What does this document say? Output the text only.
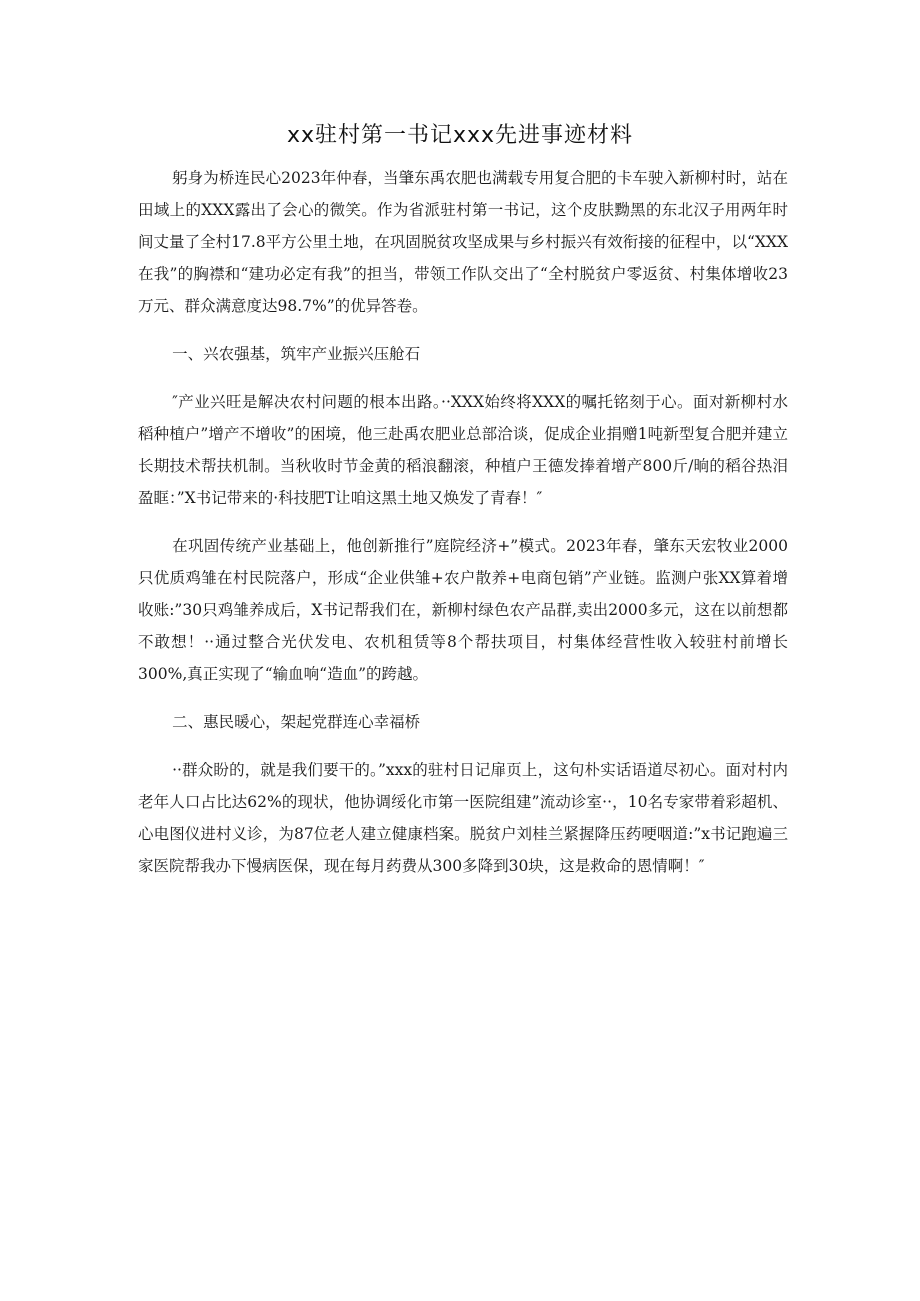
xx驻村第一书记xxx先进事迹材料

躬身为桥连民心2023年仲春，当肇东禹农肥也满载专用复合肥的卡车驶入新柳村时，站在田域上的XXX露出了会心的微笑。作为省派驻村第一书记，这个皮肤黝黑的东北汉子用两年时间丈量了全村17.8平方公里土地，在巩固脱贫攻坚成果与乡村振兴有效衔接的征程中，以“XXX在我”的胸襟和“建功必定有我”的担当，带领工作队交出了“全村脱贫户零返贫、村集体增收23万元、群众满意度达98.7%”的优异答卷。

一、兴农强基，筑牢产业振兴压舱石

″产业兴旺是解决农村问题的根本出路。··XXX始终将XXX的嘱托铭刻于心。面对新柳村水稻种植户”增产不增收”的困境，他三赴禹农肥业总部洽谈，促成企业捐赠1吨新型复合肥并建立长期技术帮扶机制。当秋收时节金黄的稻浪翻滚，种植户王德发捧着增产800斤/晌的稻谷热泪盈眶：”X书记带来的·科技肥T让咱这黑土地又焕发了青春！″

在巩固传统产业基础上，他创新推行”庭院经济+”模式。2023年春，肇东天宏牧业2000只优质鸡雏在村民院落户，形成“企业供雏+农户散养+电商包销”产业链。监测户张XX算着增收账:”30只鸡雏养成后，X书记帮我们在，新柳村绿色农产品群,卖出2000多元，这在以前想都不敢想！··通过整合光伏发电、农机租赁等8个帮扶项目，村集体经营性收入较驻村前增长300%,真正实现了“输血响“造血”的跨越。

二、惠民暖心，架起党群连心幸福桥

··群众盼的，就是我们要干的。”xxx的驻村日记扉页上，这句朴实话语道尽初心。面对村内老年人口占比达62%的现状，他协调绥化市第一医院组建”流动诊室··，10名专家带着彩超机、心电图仪进村义诊，为87位老人建立健康档案。脱贫户刘桂兰紧握降压药哽咽道:”x书记跑遍三家医院帮我办下慢病医保，现在每月药费从300多降到30块，这是救命的恩情啊！″
